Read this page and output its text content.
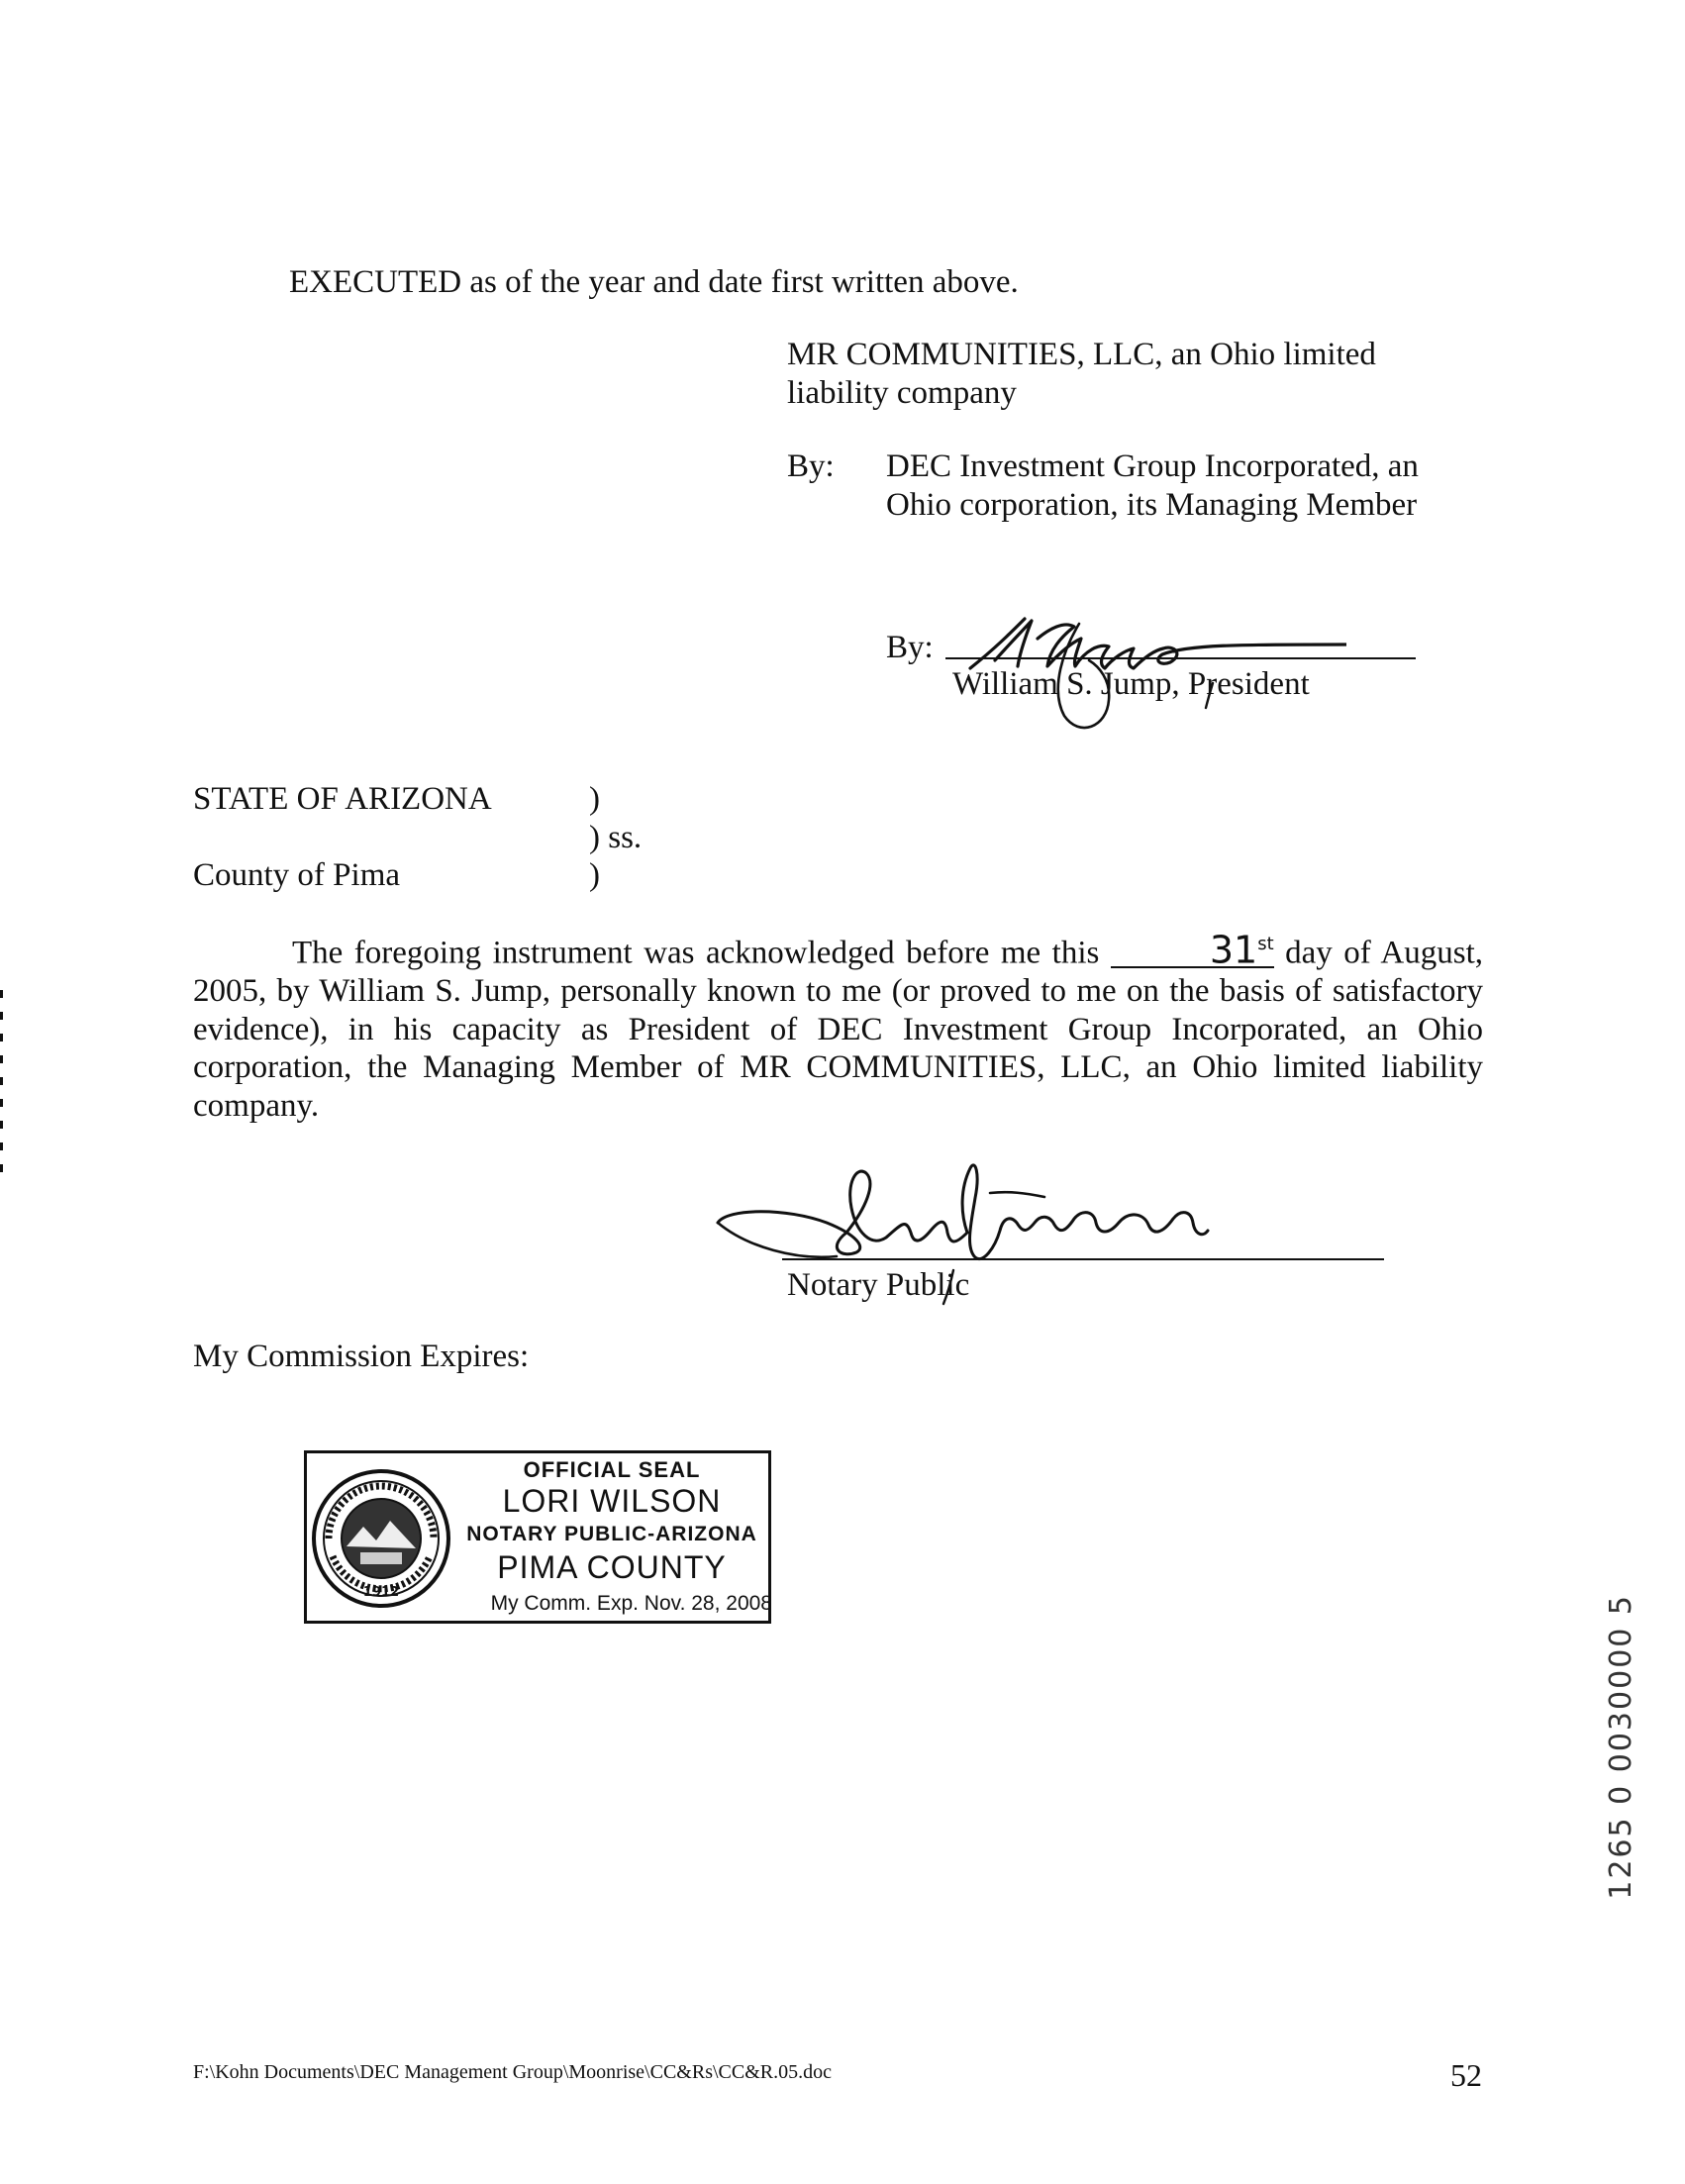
EXECUTED as of the year and date first written above.
MR COMMUNITIES, LLC, an Ohio limited
liability company
By: DEC Investment Group Incorporated, an
Ohio corporation, its Managing Member
By:
William S. Jump, President
STATE OF ARIZONA	)
) ss.
County of Pima	)
The foregoing instrument was acknowledged before me this	31st day of August, 2005, by William S. Jump, personally known to me (or proved to me on the basis of satisfactory evidence), in his capacity as President of DEC Investment Group Incorporated, an Ohio corporation, the Managing Member of MR COMMUNITIES, LLC, an Ohio limited liability company.
Notary Public
My Commission Expires:
1912
OFFICIAL SEAL
LORI WILSON
NOTARY PUBLIC-ARIZONA
PIMA COUNTY
My Comm. Exp. Nov. 28, 2008
F:\Kohn Documents\DEC Management Group\Moonrise\CC&Rs\CC&R.05.doc	52
1265 0 0030000 5
